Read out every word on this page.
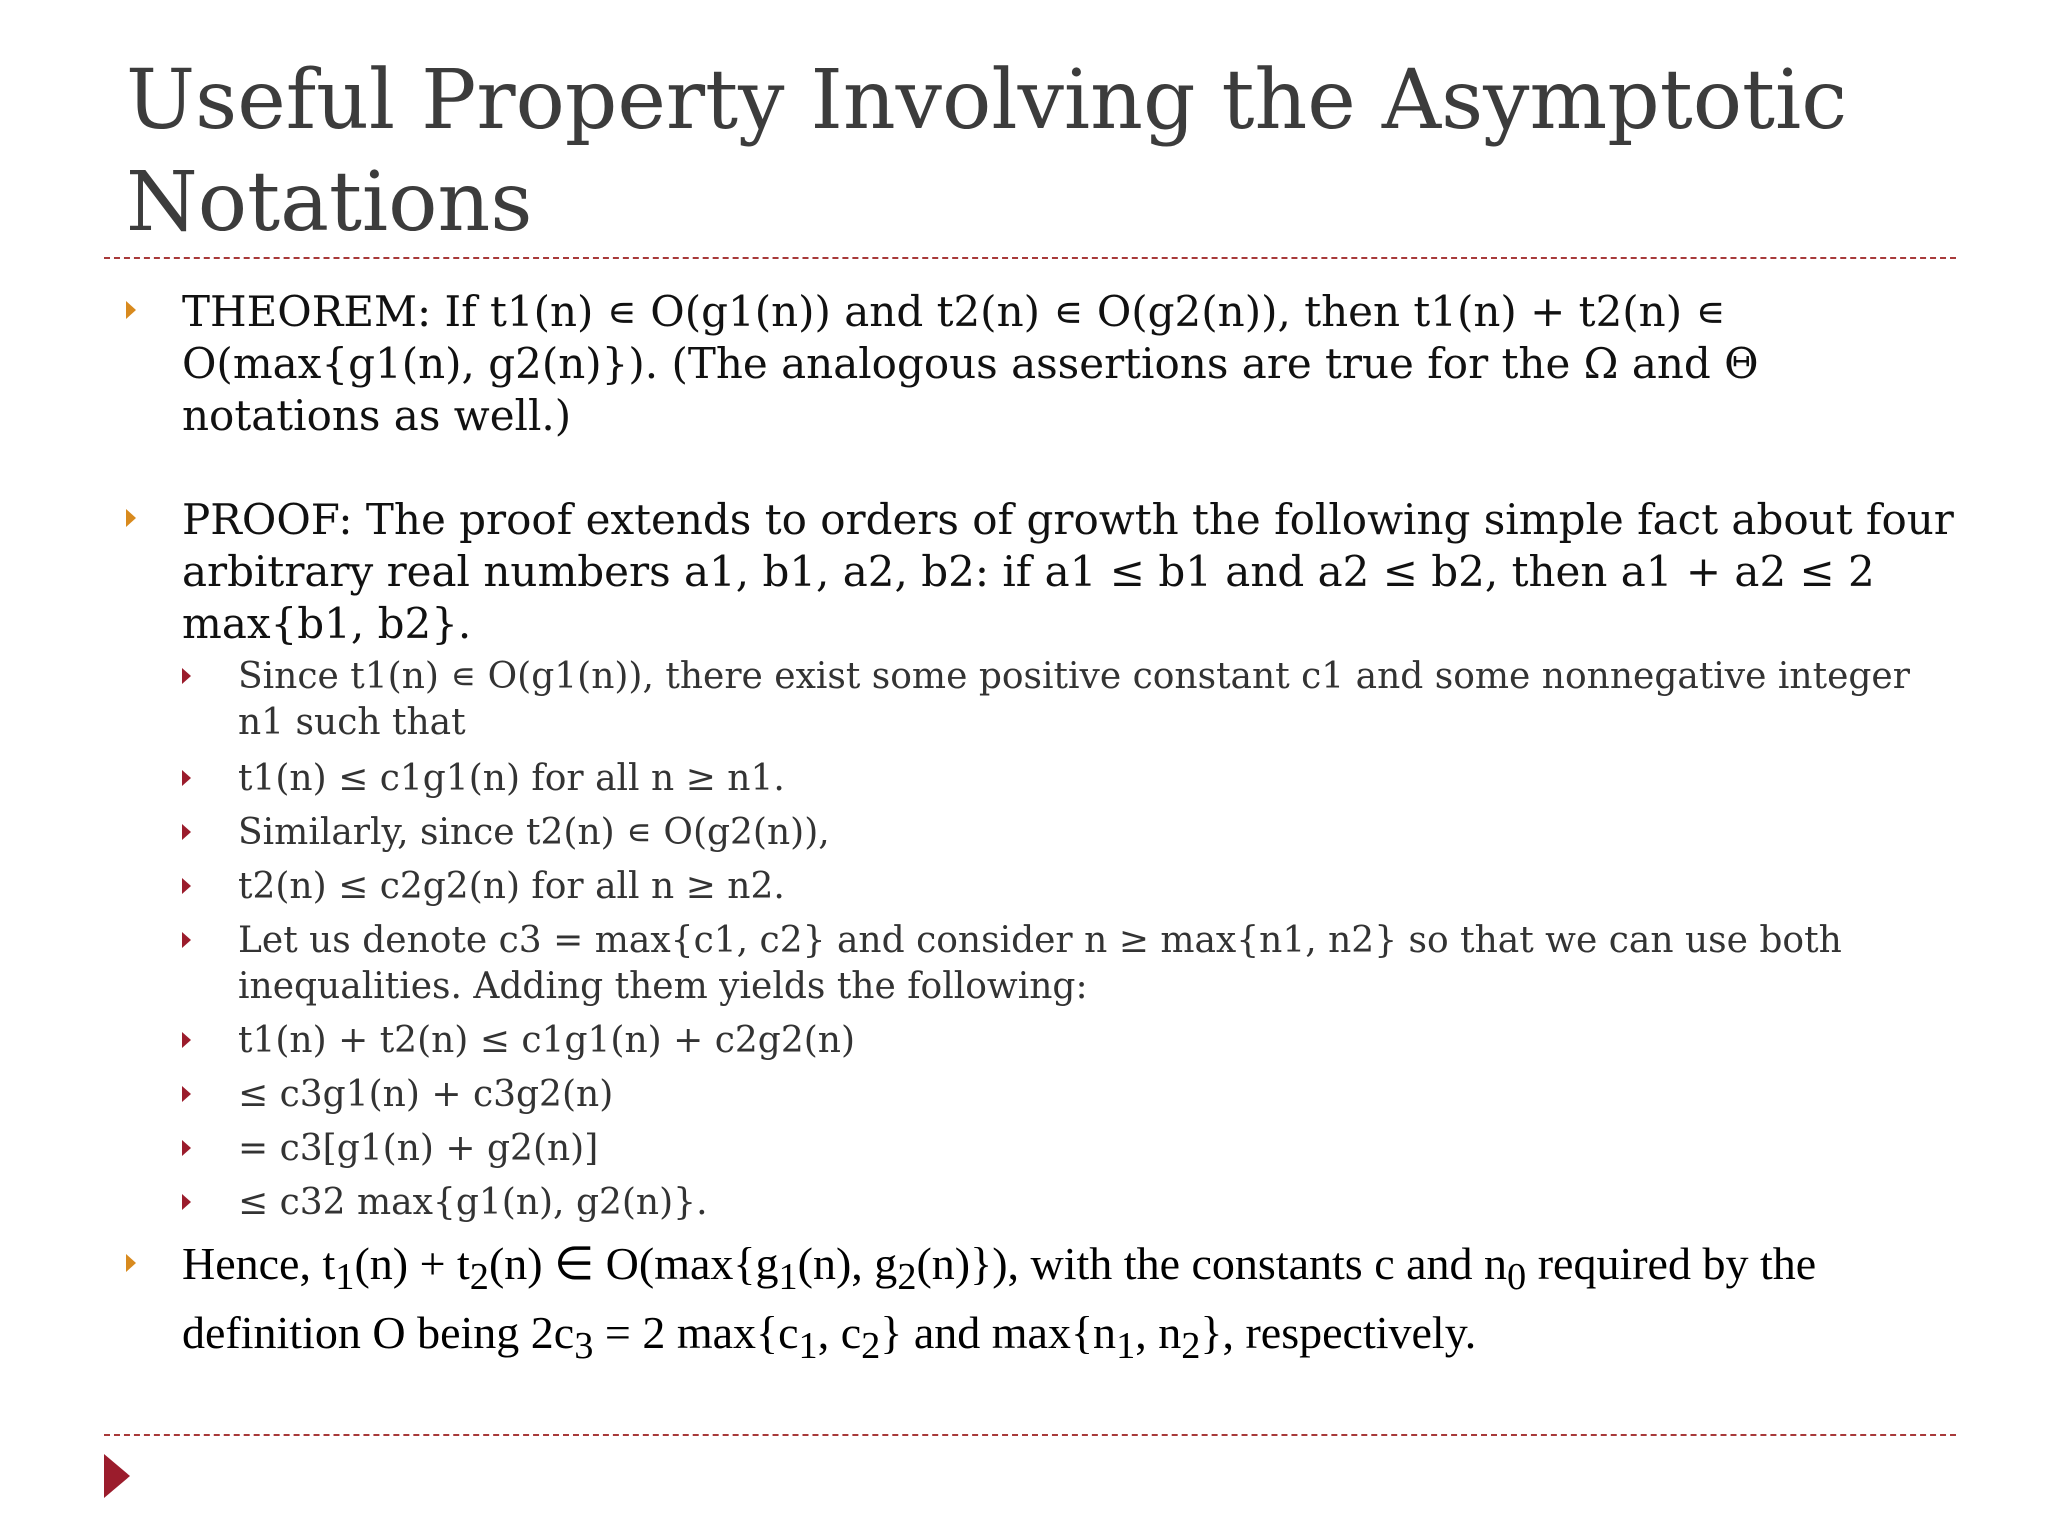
Useful Property Involving the Asymptotic Notations
THEOREM: If t1(n) ∊ O(g1(n)) and t2(n) ∊ O(g2(n)), then t1(n) + t2(n) ∊ O(max{g1(n), g2(n)}). (The analogous assertions are true for the Ω and Θ notations as well.)
PROOF: The proof extends to orders of growth the following simple fact about four arbitrary real numbers a1, b1, a2, b2: if a1 ≤ b1 and a2 ≤ b2, then a1 + a2 ≤ 2 max{b1, b2}.
Since t1(n) ∊ O(g1(n)), there exist some positive constant c1 and some nonnegative integer n1 such that
t1(n) ≤ c1g1(n) for all n ≥ n1.
Similarly, since t2(n) ∊ O(g2(n)),
t2(n) ≤ c2g2(n) for all n ≥ n2.
Let us denote c3 = max{c1, c2} and consider n ≥ max{n1, n2} so that we can use both inequalities. Adding them yields the following:
t1(n) + t2(n) ≤ c1g1(n) + c2g2(n)
≤ c3g1(n) + c3g2(n)
= c3[g1(n) + g2(n)]
≤ c32 max{g1(n), g2(n)}.
Hence, $t_1(n) + t_2(n)$ ∈ $O(\max\{g_1(n)$, $g_2(n)$}), with the constants c and $n_0$ required by the definition O being $2c_3 = 2$ $\max\{c_1$, $c_2$} and $\max\{n_1$, $n_2$}, respectively.
